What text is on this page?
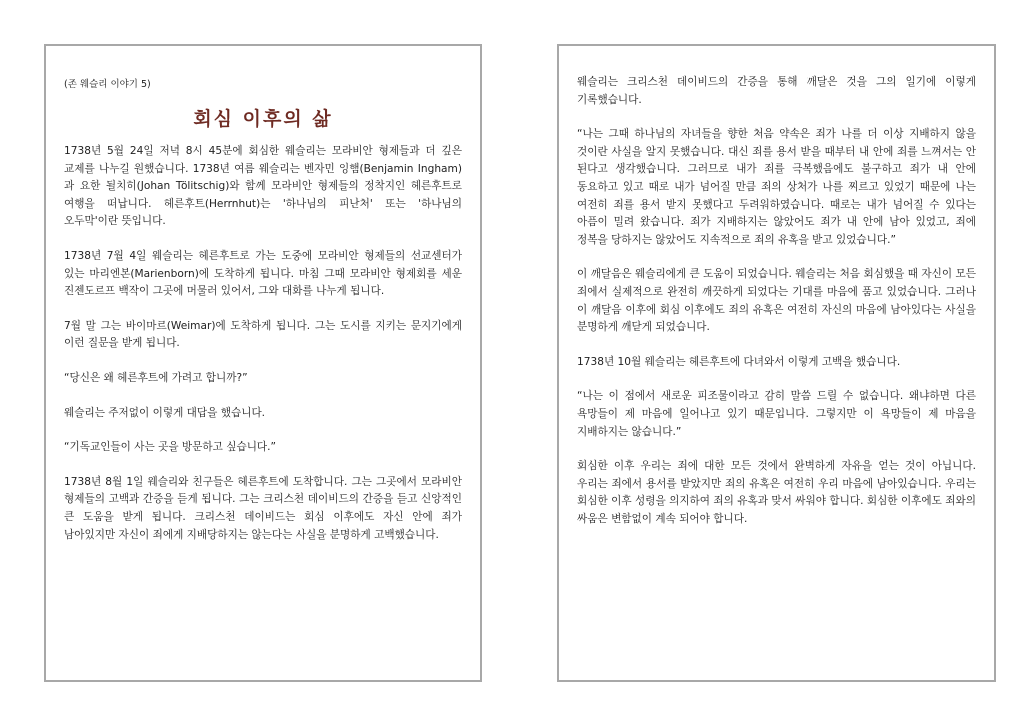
(존 웨슬리 이야기 5)

회심 이후의 삶

1738년 5월 24일 저녁 8시 45분에 회심한 웨슬리는 모라비안 형제들과 더 깊은 교제를 나누길 원했습니다. 1738년 여름 웨슬리는 벤자민 잉햄(Benjamin Ingham)과 요한 될치히(Johan Tölitschig)와 함께 모라비안 형제들의 정착지인 헤른후트로 여행을 떠납니다. 헤른후트(Herrnhut)는 '하나님의 피난처' 또는 '하나님의 오두막'이란 뜻입니다.

1738년 7월 4일 웨슬리는 헤른후트로 가는 도중에 모라비안 형제들의 선교센터가 있는 마리엔본(Marienborn)에 도착하게 됩니다. 마침 그때 모라비안 형제회를 세운 진젠도르프 백작이 그곳에 머물러 있어서, 그와 대화를 나누게 됩니다.

7월 말 그는 바이마르(Weimar)에 도착하게 됩니다. 그는 도시를 지키는 문지기에게 이런 질문을 받게 됩니다.

“당신은 왜 헤른후트에 가려고 합니까?”

웨슬리는 주저없이 이렇게 대답을 했습니다.

“기독교인들이 사는 곳을 방문하고 싶습니다.”

1738년 8월 1일 웨슬리와 친구들은 헤른후트에 도착합니다. 그는 그곳에서 모라비안 형제들의 고백과 간증을 듣게 됩니다. 그는 크리스천 데이비드의 간증을 듣고 신앙적인 큰 도움을 받게 됩니다. 크리스천 데이비드는 회심 이후에도 자신 안에 죄가 남아있지만 자신이 죄에게 지배당하지는 않는다는 사실을 분명하게 고백했습니다.

웨슬리는 크리스천 데이비드의 간증을 통해 깨달은 것을 그의 일기에 이렇게 기록했습니다.

“나는 그때 하나님의 자녀들을 향한 처음 약속은 죄가 나를 더 이상 지배하지 않을 것이란 사실을 알지 못했습니다. 대신 죄를 용서 받을 때부터 내 안에 죄를 느껴서는 안 된다고 생각했습니다. 그러므로 내가 죄를 극복했음에도 불구하고 죄가 내 안에 동요하고 있고 때로 내가 넘어질 만큼 죄의 상처가 나를 찌르고 있었기 때문에 나는 여전히 죄를 용서 받지 못했다고 두려워하였습니다. 때로는 내가 넘어질 수 있다는 아픔이 밀려 왔습니다. 죄가 지배하지는 않았어도 죄가 내 안에 남아 있었고, 죄에 정복을 당하지는 않았어도 지속적으로 죄의 유혹을 받고 있었습니다.”

이 깨달음은 웨슬리에게 큰 도움이 되었습니다. 웨슬리는 처음 회심했을 때 자신이 모든 죄에서 실제적으로 완전히 깨끗하게 되었다는 기대를 마음에 품고 있었습니다. 그러나 이 깨달음 이후에 회심 이후에도 죄의 유혹은 여전히 자신의 마음에 남아있다는 사실을 분명하게 깨닫게 되었습니다.

1738년 10월 웨슬리는 헤른후트에 다녀와서 이렇게 고백을 했습니다.

“나는 이 점에서 새로운 피조물이라고 감히 말씀 드릴 수 없습니다. 왜냐하면 다른 욕망들이 제 마음에 일어나고 있기 때문입니다. 그렇지만 이 욕망들이 제 마음을 지배하지는 않습니다.”

회심한 이후 우리는 죄에 대한 모든 것에서 완벽하게 자유을 얻는 것이 아닙니다. 우리는 죄에서 용서를 받았지만 죄의 유혹은 여전히 우리 마음에 남아있습니다. 우리는 회심한 이후 성령을 의지하여 죄의 유혹과 맞서 싸워야 합니다. 회심한 이후에도 죄와의 싸움은 변함없이 계속 되어야 합니다.
